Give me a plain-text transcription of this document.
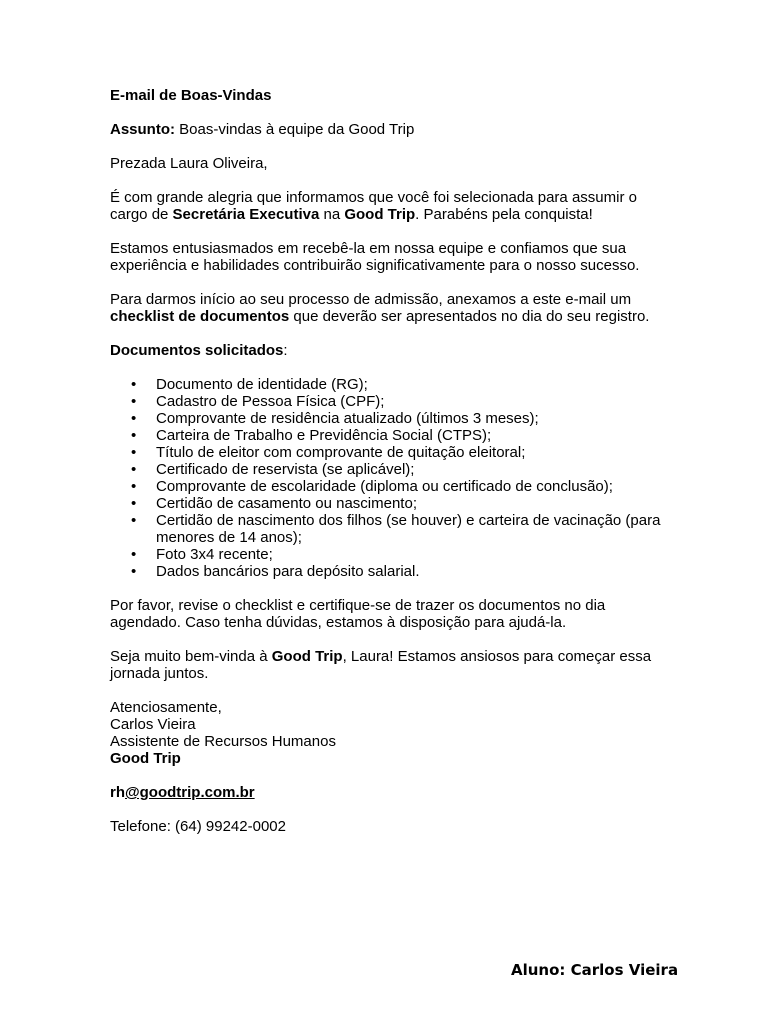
E-mail de Boas-Vindas

Assunto: Boas-vindas à equipe da Good Trip

Prezada Laura Oliveira,

É com grande alegria que informamos que você foi selecionada para assumir o cargo de Secretária Executiva na Good Trip. Parabéns pela conquista!

Estamos entusiasmados em recebê-la em nossa equipe e confiamos que sua experiência e habilidades contribuirão significativamente para o nosso sucesso.

Para darmos início ao seu processo de admissão, anexamos a este e-mail um checklist de documentos que deverão ser apresentados no dia do seu registro.

Documentos solicitados:

• Documento de identidade (RG);
• Cadastro de Pessoa Física (CPF);
• Comprovante de residência atualizado (últimos 3 meses);
• Carteira de Trabalho e Previdência Social (CTPS);
• Título de eleitor com comprovante de quitação eleitoral;
• Certificado de reservista (se aplicável);
• Comprovante de escolaridade (diploma ou certificado de conclusão);
• Certidão de casamento ou nascimento;
• Certidão de nascimento dos filhos (se houver) e carteira de vacinação (para menores de 14 anos);
• Foto 3x4 recente;
• Dados bancários para depósito salarial.

Por favor, revise o checklist e certifique-se de trazer os documentos no dia agendado. Caso tenha dúvidas, estamos à disposição para ajudá-la.

Seja muito bem-vinda à Good Trip, Laura! Estamos ansiosos para começar essa jornada juntos.

Atenciosamente,
Carlos Vieira
Assistente de Recursos Humanos
Good Trip

rh@goodtrip.com.br

Telefone: (64) 99242-0002

Aluno: Carlos Vieira
